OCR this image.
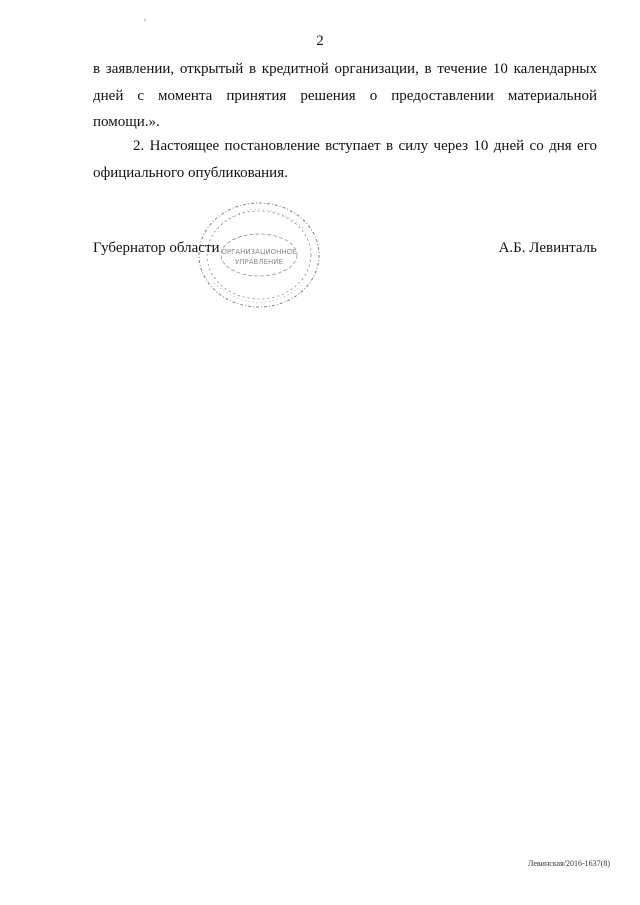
,
2
в заявлении, открытый в кредитной организации, в течение 10 календарных
дней с момента принятия решения о предоставлении материальной
помощи.».
2. Настоящее постановление вступает в силу через 10 дней со дня его
официального опубликования.
ОРГАНИЗАЦИОННОЕ
УПРАВЛЕНИЕ
Губернатор области	А.Б. Левинталь
Левинская/2016-1637(8)
